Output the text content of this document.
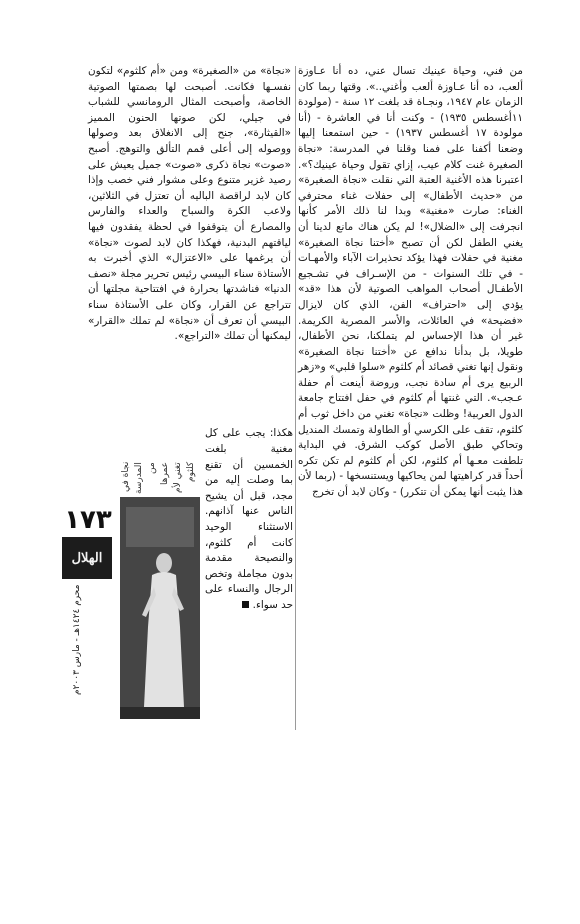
من فني، وحياة عينيك تسال عني، ده أنا عـاوزة ألعب، ده أنا عـاوزة ألعب وأغني..». وقتها ربما كان الزمان عام ١٩٤٧، ونجـاة قد بلغت ١٢ سنة - (مولودة ١١أغسطس ١٩٣٥) - وكنت أنا في العاشرة - (أنا مولودة ١٧ أغسطس ١٩٣٧) - حين استمعنا إليها وضعنا أكفنا على فمنا وقلنا في المدرسة: «نجاة الصغيرة غنت كلام عيب، إزاي تقول وحياة عينيك؟». اعتبرنا هذه الأغنية العتبة التي نقلت «نجاة الصغيرة» من «حديث الأطفال» إلى حفلات غناء محترفي الغناء: صارت «مغنية» وبدا لنا ذلك الأمر كأنها انجرفت إلى «الضلال»! لم يكن هناك مانع لدينا أن يغني الطفل لكن أن تصبح «أختنا نجاة الصغيرة» مغنية في حفلات فهذا يؤكد تحذيرات الآباء والأمهـات - في تلك السنوات - من الإسـراف في تشـجيع الأطفـال أصحاب المواهب الصوتية لأن هذا «قد» يؤدي إلى «احتراف» الفن، الذي كان لايزال «فضيحة» في العائلات، والأسر المصرية الكريمة. غير أن هذا الإحساس لم يتملكنا، نحن الأطفال، طويلا، بل بدأنا ندافع عن «أختنا نجاة الصغيرة» ونقول إنها تغني قصائد أم كلثوم «سلوا قلبي» و«زهر الربيع يرى أم سادة نجب، وروضة أينعت أم حفلة عـجب». التي غنتها أم كلثوم في حفل افتتاح جامعة الدول العربية! وظلت «نجاة» تغني من داخل ثوب أم كلثوم، تقف على الكرسي أو الطاولة وتمسك المنديل وتحاكي طبق الأصل كوكب الشرق. في البداية تلطفت معـها أم كلثوم، لكن أم كلثوم لم تكن تكره أحداً قدر كراهيتها لمن يحاكيها ويستنسخها - (ربما لأن هذا يثبت أنها يمكن أن تتكرر) - وكان لابد أن تخرج

«نجاة» من «الصغيرة» ومن «أم كلثوم» لتكون نفسـها فكانت. أصبحت لها بصمتها الصوتية الخاصة، وأصبحت المثال الرومانسي للشباب في جيلي، لكن صوتها الحنون المميز «القيثارة»، جنح إلى الانغلاق بعد وصولها ووصوله إلى أعلى قمم التألق والتوهج. أصبح «صوت» نجاة ذكرى «صوت» جميل يعيش على رصيد غزير متنوع وعلى مشوار فني خصب وإذا كان لابد لراقصة الباليه أن تعتزل في الثلاثين، ولاعب الكرة والسباح والعداء والفارس والمصارع أن يتوقفوا في لحظة يفقدون فيها لياقتهم البدنية، فهكذا كان لابد لصوت «نجاة» أن يرغمها على «الاعتزال» الذي أخبرت به الأستاذة سناء البيسي رئيس تحرير مجلة «نصف الدنيا» فناشدتها بحرارة في افتتاحية مجلتها أن تتراجع عن القرار، وكان على الأستاذة سناء البيسي أن تعرف أن «نجاة» لم تملك «القرار» ليمكنها أن تملك «التراجع».

هكذا: يجب على كل مغنية بلغت الخمسين أن تقنع بما وصلت إليه من مجد، قبل أن يشيح الناس عنها آذانهم. الاستثناء الوحيد كانت أم كلثوم، والنصيحة مقدمة بدون مجاملة وتخص الرجال والنساء على حد سواء.

نجاة في المدرسة من عمرها تغني لأم كلثوم
١٧٣
الهلال
محرم ١٤٢٤هـ - مارس ٢٠٠٣م
